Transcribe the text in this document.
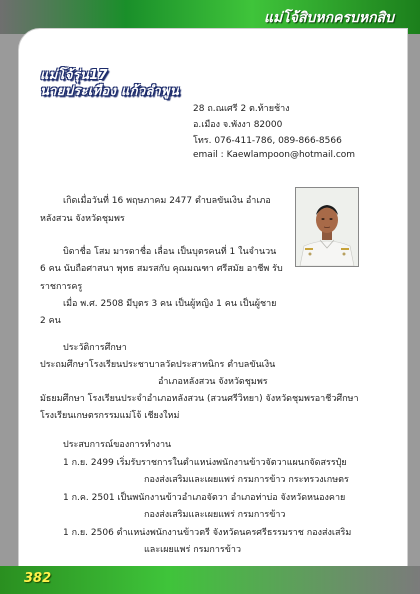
แม่โจ้สิบหกครบหกสิบ
แม่โจ้รุ่น17
นายประเทือง แก้วลำพูน
28 ถ.ณเศรี 2 ต.ท้ายช้าง
อ.เมือง จ.พังงา 82000
โทร. 076-411-786, 089-866-8566
email : Kaewlampoon@hotmail.com
เกิดเมื่อวันที่ 16 พฤษภาคม 2477 ตำบลขันเงิน อำเภอ
หลังสวน จังหวัดชุมพร
บิดาชื่อ โสม มารดาชื่อ เลื่อน เป็นบุตรคนที่ 1 ในจำนวน
6 คน นับถือศาสนา พุทธ สมรสกับ คุณมณฑา ศรีสมัย อาชีพ รับ
ราชการครู
เมื่อ พ.ศ. 2508 มีบุตร 3 คน เป็นผู้หญิง 1 คน เป็นผู้ชาย
2 คน
ประวัติการศึกษา
ประถมศึกษาโรงเรียนประชาบาลวัดประสาทนิกร ตำบลขันเงิน
อำเภอหลังสวน จังหวัดชุมพร
มัธยมศึกษา โรงเรียนประจำอำเภอหลังสวน (สวนศรีวิทยา) จังหวัดชุมพรอาชีวศึกษา
โรงเรียนเกษตรกรรมแม่โจ้ เชียงใหม่
ประสบการณ์ของการทำงาน
1 ก.ย. 2499 เริ่มรับราชการในตำแหน่งพนักงานข้าวจัตวาแผนกจัดสรรปุ๋ย
กองส่งเสริมและเผยแพร่ กรมการข้าว กระทรวงเกษตร
1 ก.ค. 2501 เป็นพนักงานข้าวอำเภอจัตวา อำเภอท่าบ่อ จังหวัดหนองคาย
กองส่งเสริมและเผยแพร่ กรมการข้าว
1 ก.ย. 2506 ตำแหน่งพนักงานข้าวตรี จังหวัดนครศรีธรรมราช กองส่งเสริม
และเผยแพร่ กรมการข้าว
382
